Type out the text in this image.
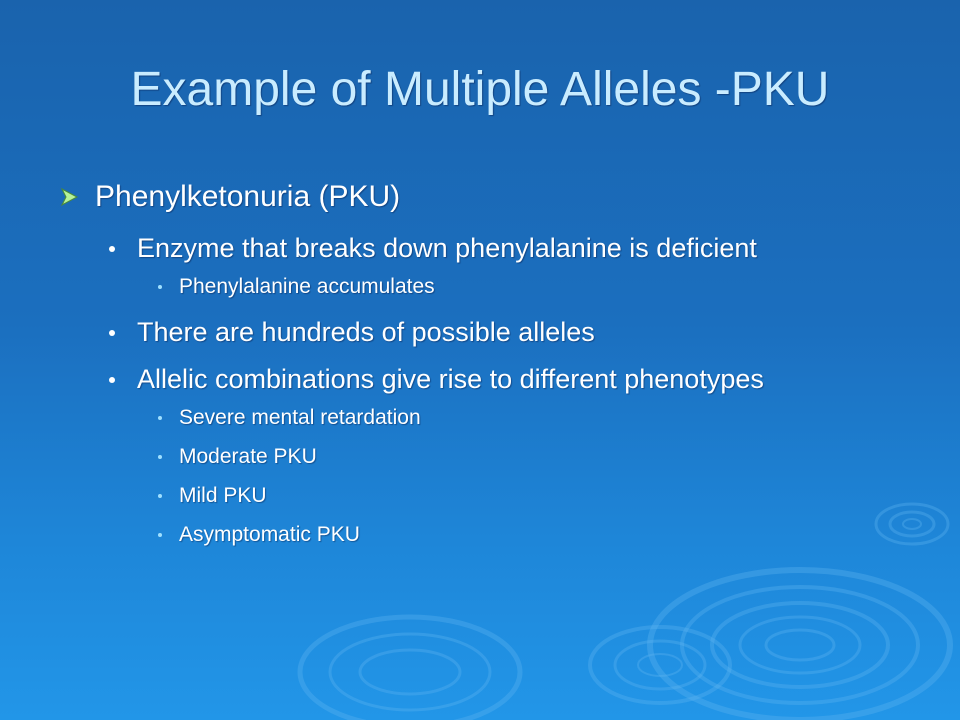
Example of Multiple Alleles -PKU
Phenylketonuria (PKU)
Enzyme that breaks down phenylalanine is deficient
Phenylalanine accumulates
There are hundreds of possible alleles
Allelic combinations give rise to different phenotypes
Severe mental retardation
Moderate PKU
Mild PKU
Asymptomatic PKU
